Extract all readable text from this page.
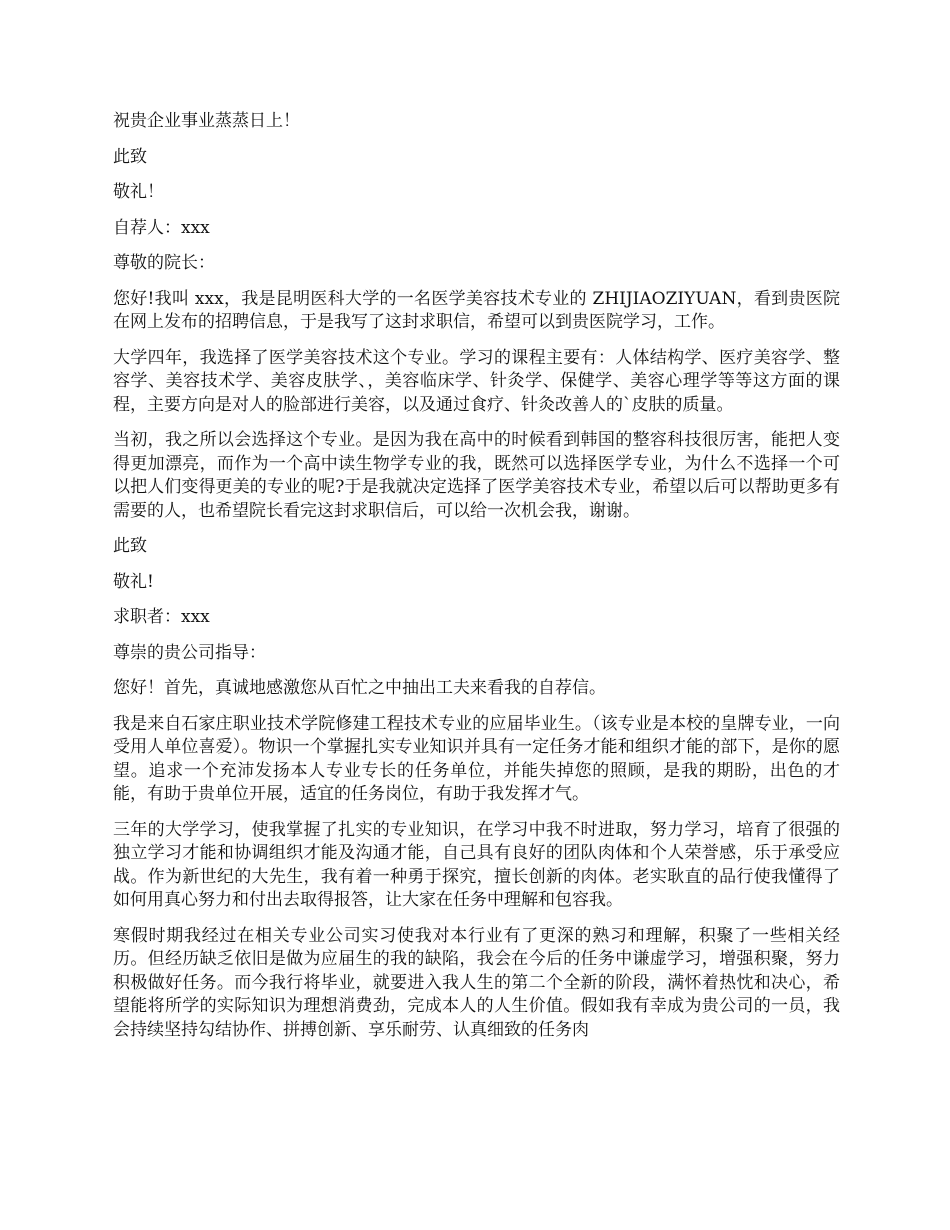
祝贵企业事业蒸蒸日上！

此致

敬礼！

自荐人：xxx

尊敬的院长：

您好!我叫 xxx，我是昆明医科大学的一名医学美容技术专业的 ZHIJIAOZIYUAN，看到贵医院在网上发布的招聘信息，于是我写了这封求职信，希望可以到贵医院学习，工作。

大学四年，我选择了医学美容技术这个专业。学习的课程主要有：人体结构学、医疗美容学、整容学、美容技术学、美容皮肤学、，美容临床学、针灸学、保健学、美容心理学等等这方面的课程，主要方向是对人的脸部进行美容，以及通过食疗、针灸改善人的`皮肤的质量。

当初，我之所以会选择这个专业。是因为我在高中的时候看到韩国的整容科技很厉害，能把人变得更加漂亮，而作为一个高中读生物学专业的我，既然可以选择医学专业，为什么不选择一个可以把人们变得更美的专业的呢?于是我就决定选择了医学美容技术专业，希望以后可以帮助更多有需要的人，也希望院长看完这封求职信后，可以给一次机会我，谢谢。

此致

敬礼!

求职者：xxx

尊崇的贵公司指导：

您好！首先，真诚地感激您从百忙之中抽出工夫来看我的自荐信。

我是来自石家庄职业技术学院修建工程技术专业的应届毕业生。（该专业是本校的皇牌专业，一向受用人单位喜爱）。物识一个掌握扎实专业知识并具有一定任务才能和组织才能的部下，是你的愿望。追求一个充沛发扬本人专业专长的任务单位，并能失掉您的照顾，是我的期盼，出色的才能，有助于贵单位开展，适宜的任务岗位，有助于我发挥才气。

三年的大学学习，使我掌握了扎实的专业知识，在学习中我不时进取，努力学习，培育了很强的独立学习才能和协调组织才能及沟通才能，自己具有良好的团队肉体和个人荣誉感，乐于承受应战。作为新世纪的大先生，我有着一种勇于探究，擅长创新的肉体。老实耿直的品行使我懂得了如何用真心努力和付出去取得报答，让大家在任务中理解和包容我。

寒假时期我经过在相关专业公司实习使我对本行业有了更深的熟习和理解，积聚了一些相关经历。但经历缺乏依旧是做为应届生的我的缺陷，我会在今后的任务中谦虚学习，增强积聚，努力积极做好任务。而今我行将毕业，就要进入我人生的第二个全新的阶段，满怀着热忱和决心，希望能将所学的实际知识为理想消费劲，完成本人的人生价值。假如我有幸成为贵公司的一员，我会持续坚持勾结协作、拼搏创新、享乐耐劳、认真细致的任务肉
